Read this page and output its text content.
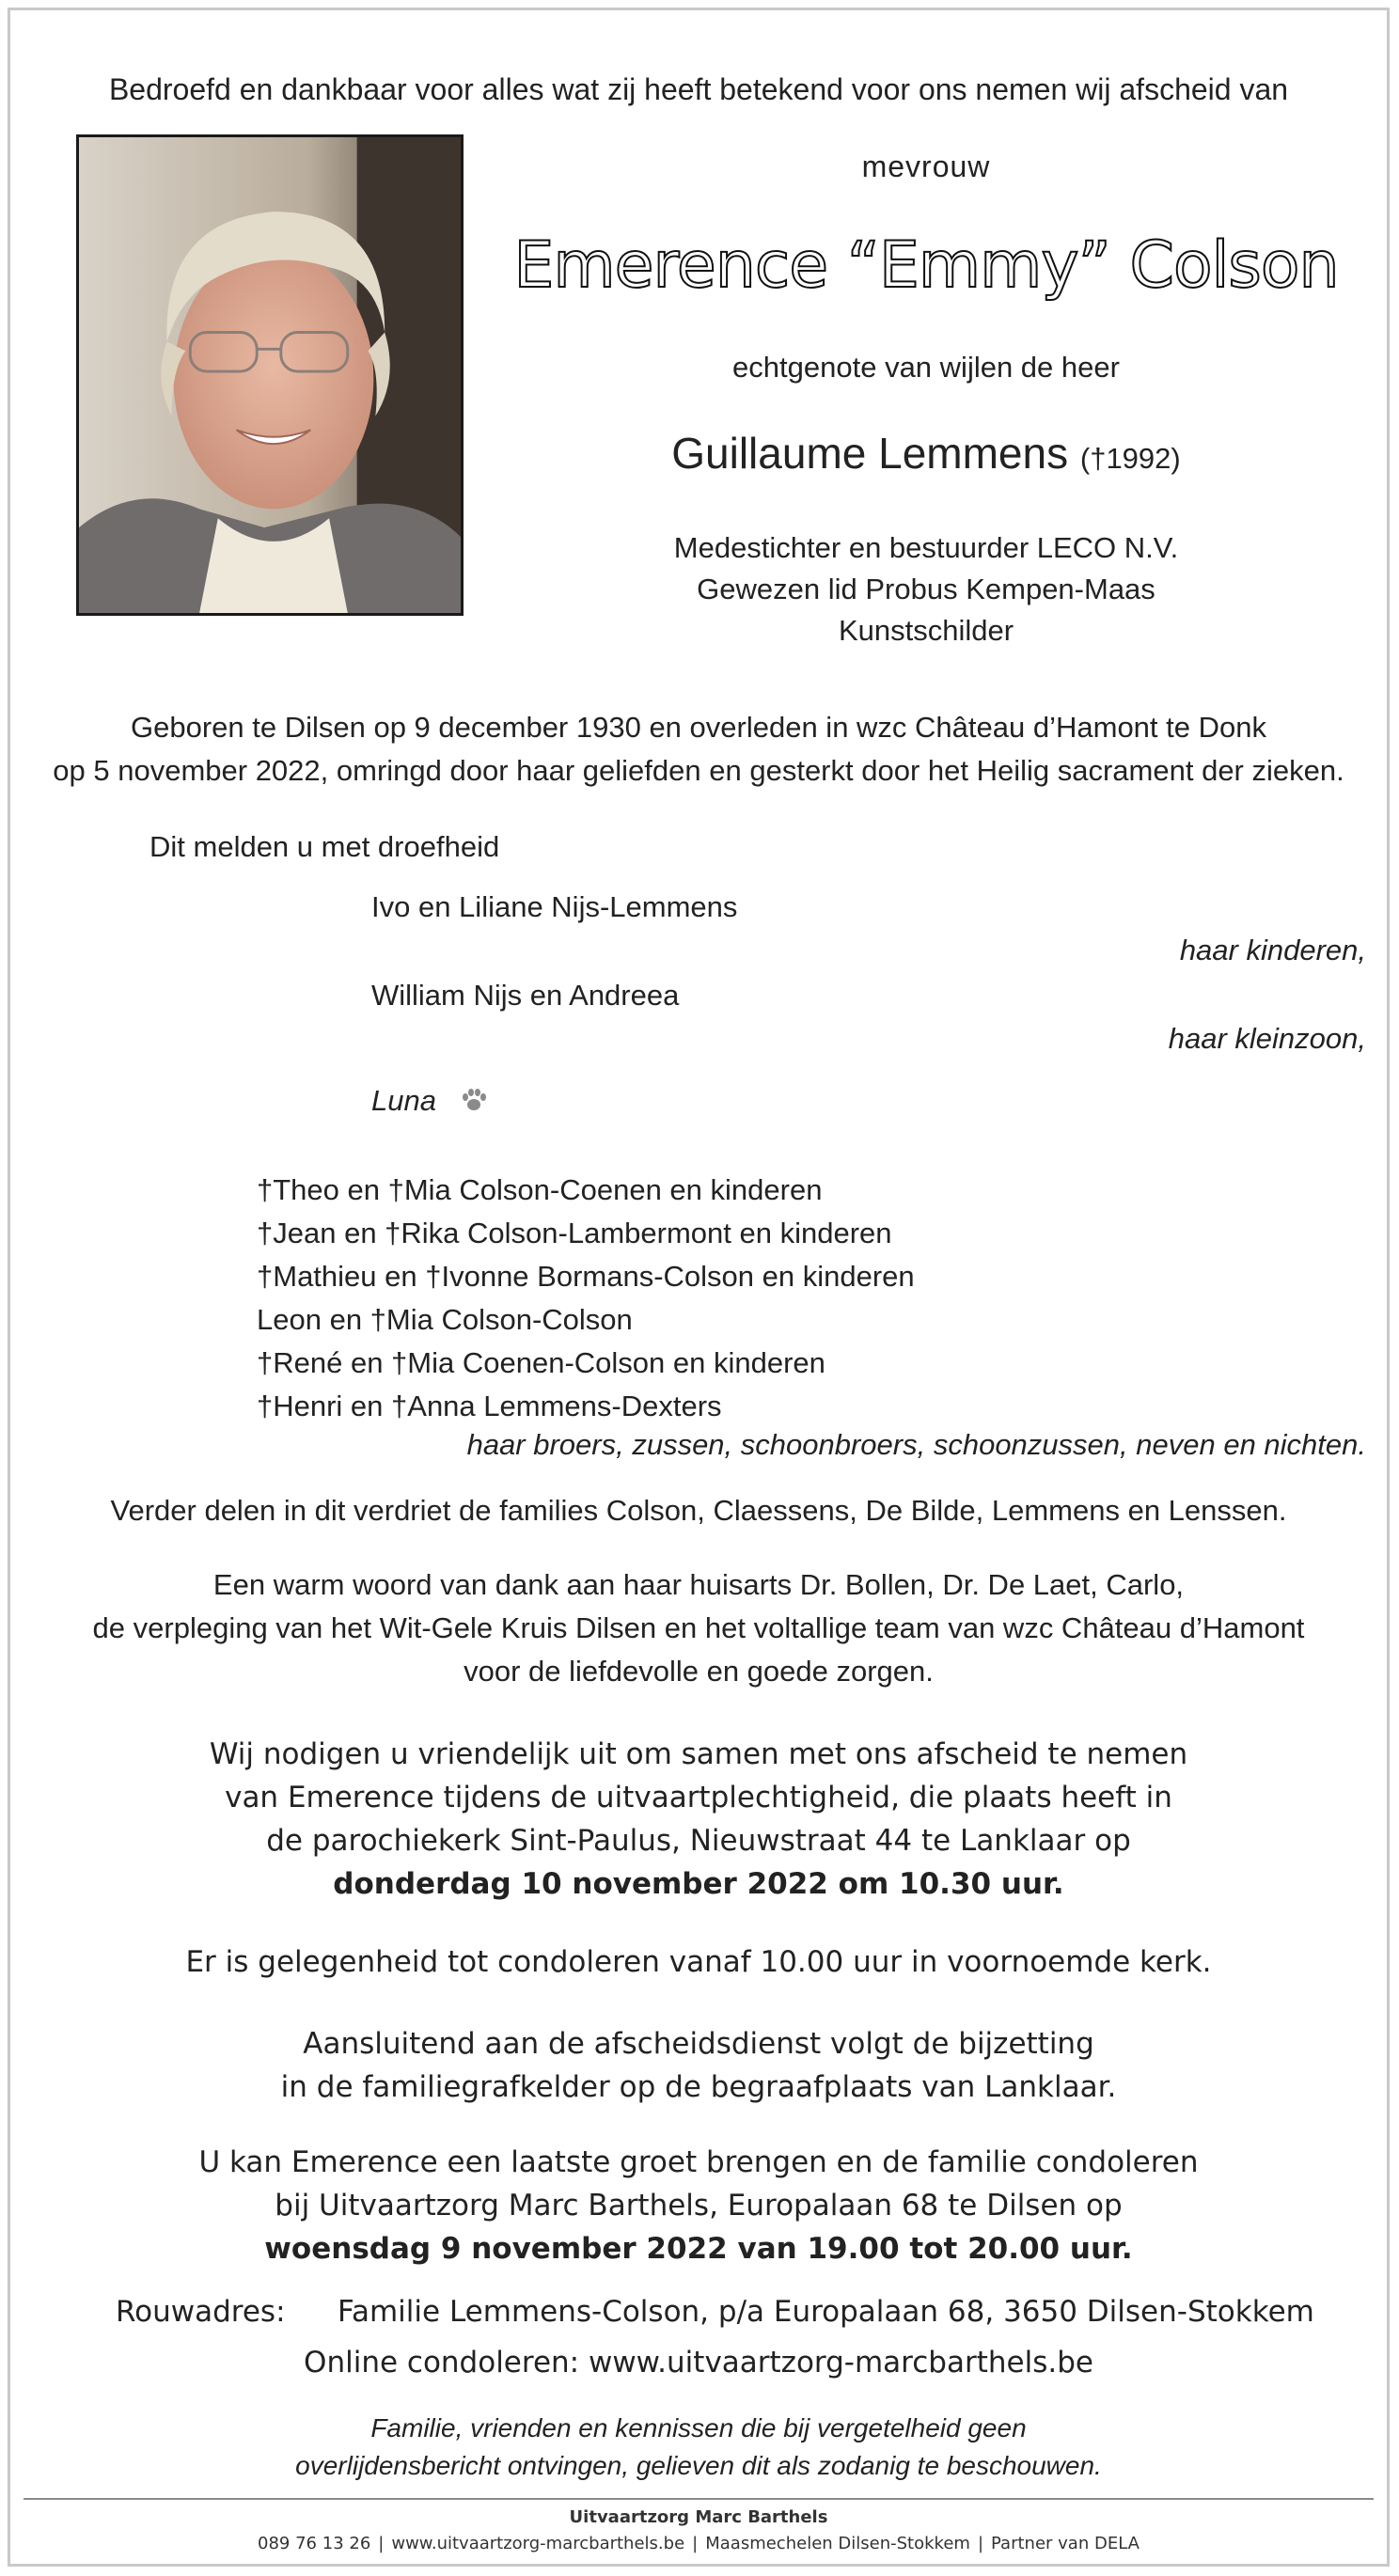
Bedroefd en dankbaar voor alles wat zij heeft betekend voor ons nemen wij afscheid van
mevrouw
Emerence “Emmy” Colson
echtgenote van wijlen de heer
Guillaume Lemmens (†1992)
Medestichter en bestuurder LECO N.V.
Gewezen lid Probus Kempen-Maas
Kunstschilder
Geboren te Dilsen op 9 december 1930 en overleden in wzc Château d’Hamont te Donk
op 5 november 2022, omringd door haar geliefden en gesterkt door het Heilig sacrament der zieken.
Dit melden u met droefheid
Ivo en Liliane Nijs-Lemmens
haar kinderen,
William Nijs en Andreea
haar kleinzoon,
Luna
†Theo en †Mia Colson-Coenen en kinderen
†Jean en †Rika Colson-Lambermont en kinderen
†Mathieu en †Ivonne Bormans-Colson en kinderen
Leon en †Mia Colson-Colson
†René en †Mia Coenen-Colson en kinderen
†Henri en †Anna Lemmens-Dexters
haar broers, zussen, schoonbroers, schoonzussen, neven en nichten.
Verder delen in dit verdriet de families Colson, Claessens, De Bilde, Lemmens en Lenssen.
Een warm woord van dank aan haar huisarts Dr. Bollen, Dr. De Laet, Carlo,
de verpleging van het Wit-Gele Kruis Dilsen en het voltallige team van wzc Château d’Hamont
voor de liefdevolle en goede zorgen.
Wij nodigen u vriendelijk uit om samen met ons afscheid te nemen
van Emerence tijdens de uitvaartplechtigheid, die plaats heeft in
de parochiekerk Sint-Paulus, Nieuwstraat 44 te Lanklaar op
donderdag 10 november 2022 om 10.30 uur.
Er is gelegenheid tot condoleren vanaf 10.00 uur in voornoemde kerk.
Aansluitend aan de afscheidsdienst volgt de bijzetting
in de familiegrafkelder op de begraafplaats van Lanklaar.
U kan Emerence een laatste groet brengen en de familie condoleren
bij Uitvaartzorg Marc Barthels, Europalaan 68 te Dilsen op
woensdag 9 november 2022 van 19.00 tot 20.00 uur.
Rouwadres: Familie Lemmens-Colson, p/a Europalaan 68, 3650 Dilsen-Stokkem
Online condoleren: www.uitvaartzorg-marcbarthels.be
Familie, vrienden en kennissen die bij vergetelheid geen
overlijdensbericht ontvingen, gelieven dit als zodanig te beschouwen.
Uitvaartzorg Marc Barthels
089 76 13 26 | www.uitvaartzorg-marcbarthels.be | Maasmechelen Dilsen-Stokkem | Partner van DELA
